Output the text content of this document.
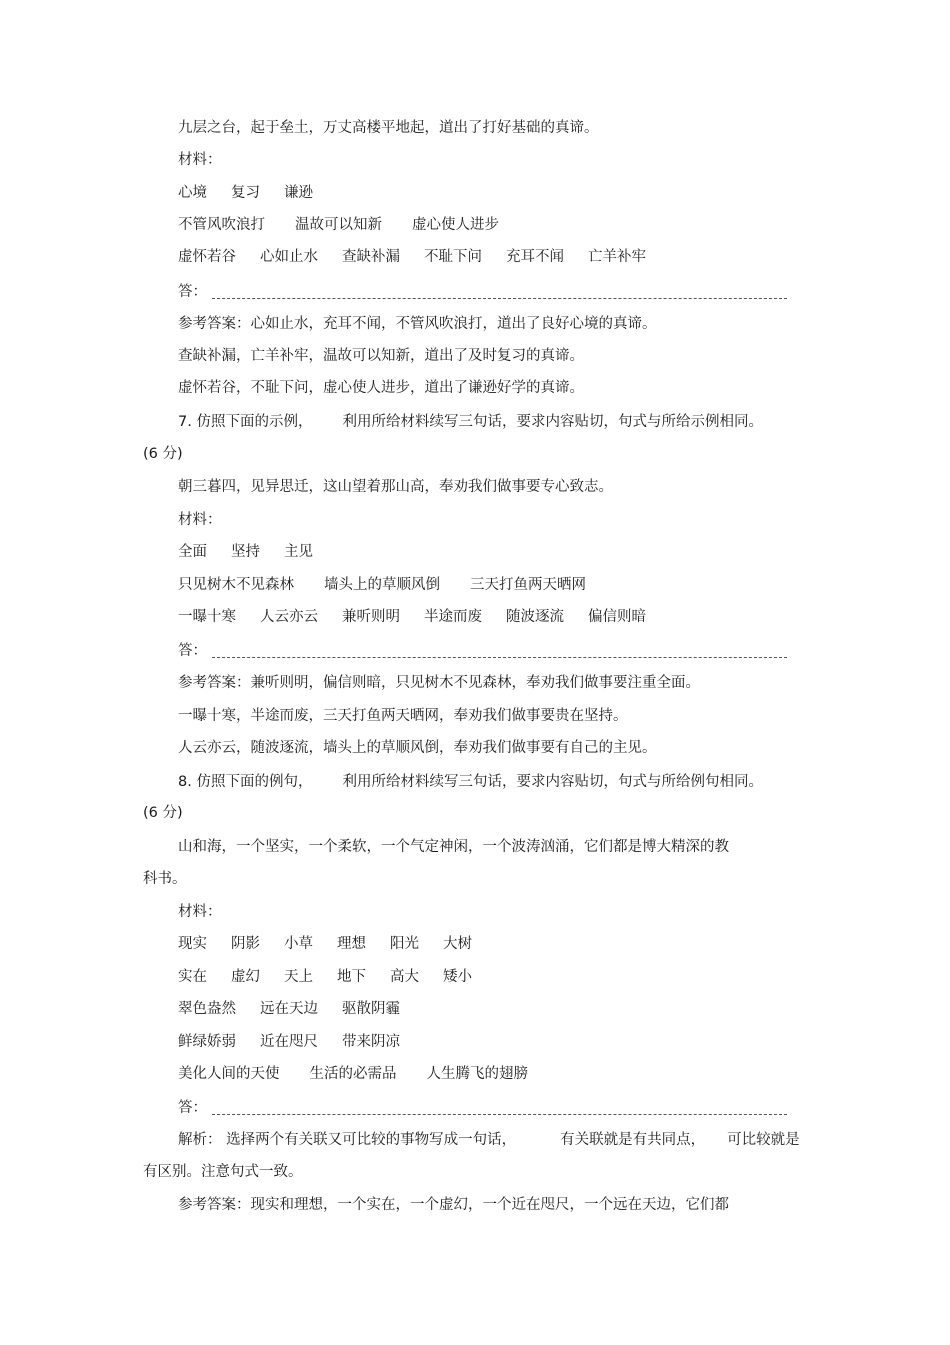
九层之台，起于垒土，万丈高楼平地起，道出了打好基础的真谛。
材料：
心境 复习 谦逊
不管风吹浪打 温故可以知新 虚心使人进步
虚怀若谷 心如止水 查缺补漏 不耻下问 充耳不闻 亡羊补牢
答：
参考答案：心如止水，充耳不闻，不管风吹浪打，道出了良好心境的真谛。
查缺补漏，亡羊补牢，温故可以知新，道出了及时复习的真谛。
虚怀若谷，不耻下问，虚心使人进步，道出了谦逊好学的真谛。
7. 仿照下面的示例， 利用所给材料续写三句话，要求内容贴切，句式与所给示例相同。
(6 分)
朝三暮四，见异思迁，这山望着那山高，奉劝我们做事要专心致志。
材料：
全面 坚持 主见
只见树木不见森林 墙头上的草顺风倒 三天打鱼两天晒网
一曝十寒 人云亦云 兼听则明 半途而废 随波逐流 偏信则暗
答：
参考答案：兼听则明，偏信则暗，只见树木不见森林，奉劝我们做事要注重全面。
一曝十寒，半途而废，三天打鱼两天晒网，奉劝我们做事要贵在坚持。
人云亦云，随波逐流，墙头上的草顺风倒，奉劝我们做事要有自己的主见。
8. 仿照下面的例句， 利用所给材料续写三句话，要求内容贴切，句式与所给例句相同。
(6 分)
山和海，一个坚实，一个柔软，一个气定神闲，一个波涛汹涌，它们都是博大精深的教
科书。
材料：
现实 阴影 小草 理想 阳光 大树
实在 虚幻 天上 地下 高大 矮小
翠色盎然 远在天边 驱散阴霾
鲜绿娇弱 近在咫尺 带来阴凉
美化人间的天使 生活的必需品 人生腾飞的翅膀
答：
解析： 选择两个有关联又可比较的事物写成一句话，	有关联就是有共同点， 可比较就是
有区别。注意句式一致。
参考答案：现实和理想，一个实在，一个虚幻，一个近在咫尺，一个远在天边，它们都
